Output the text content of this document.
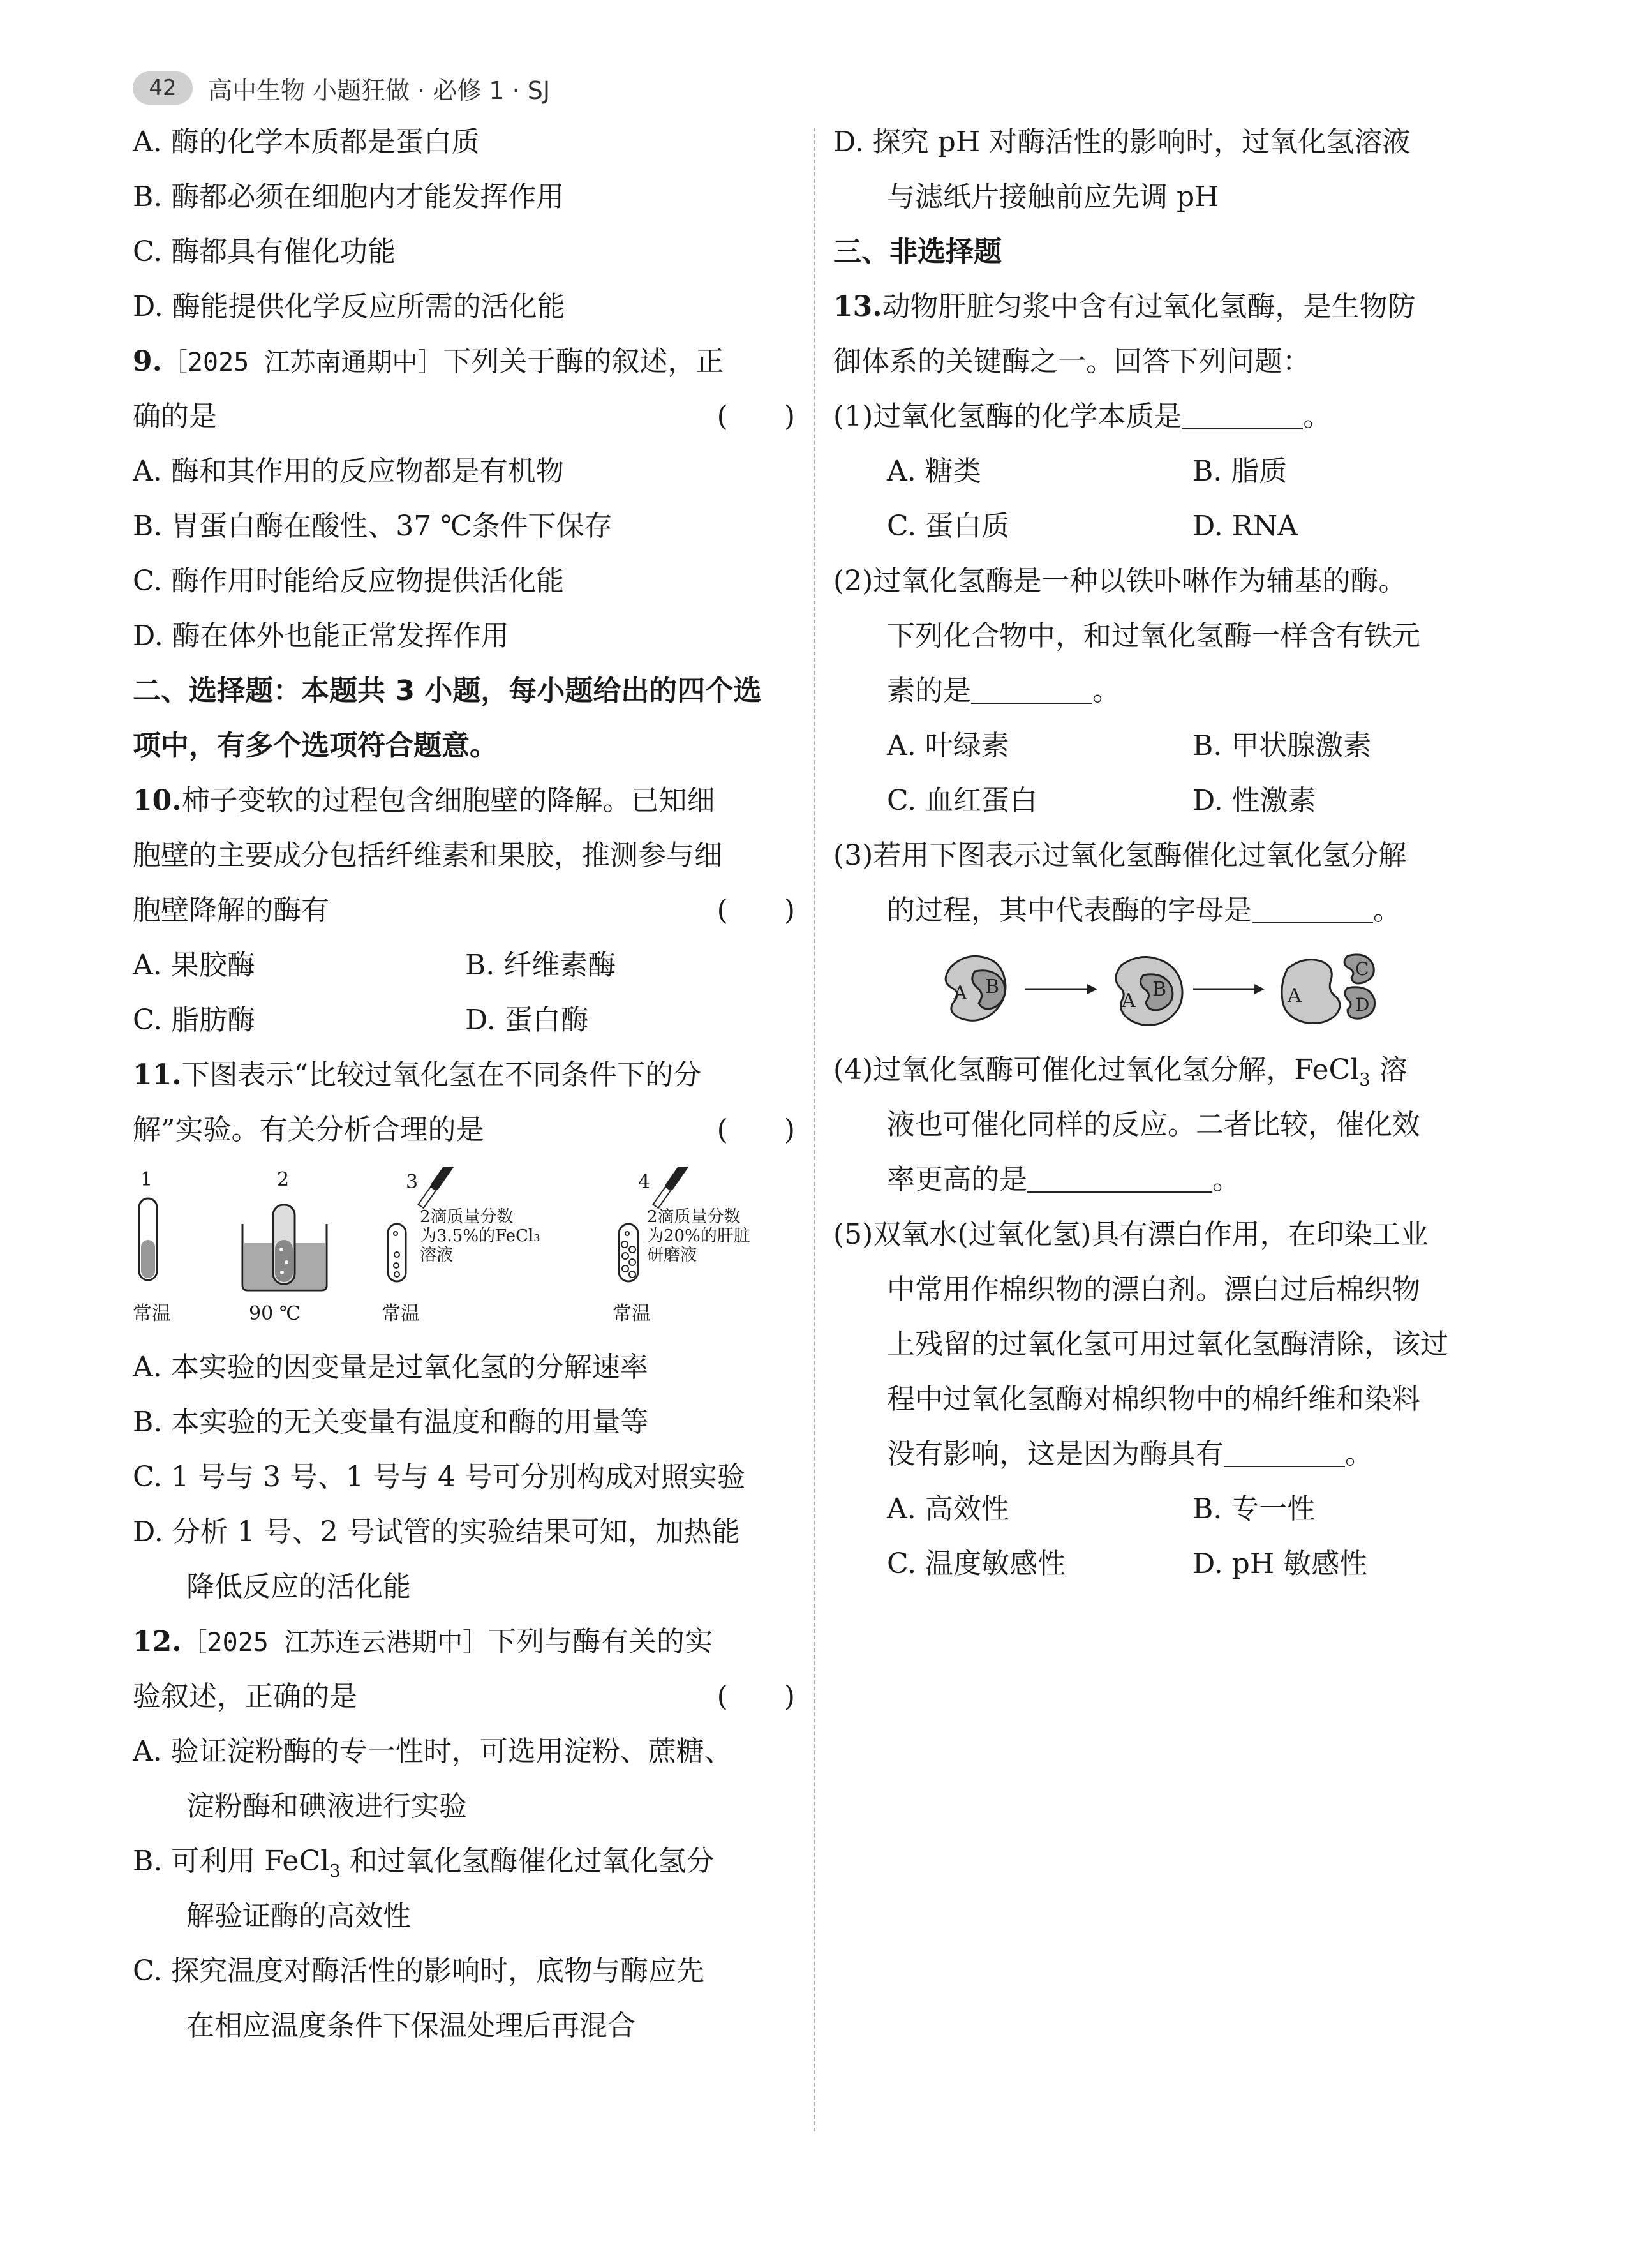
42	高中生物 小题狂做 · 必修 1 · SJ
A. 酶的化学本质都是蛋白质
B. 酶都必须在细胞内才能发挥作用
C. 酶都具有催化功能
D. 酶能提供化学反应所需的活化能
9.［2025 江苏南通期中］下列关于酶的叙述，正
确的是	(　　)
A. 酶和其作用的反应物都是有机物
B. 胃蛋白酶在酸性、37 ℃条件下保存
C. 酶作用时能给反应物提供活化能
D. 酶在体外也能正常发挥作用
二、选择题：本题共 3 小题，每小题给出的四个选
项中，有多个选项符合题意。
10.柿子变软的过程包含细胞壁的降解。已知细
胞壁的主要成分包括纤维素和果胶，推测参与细
胞壁降解的酶有	(　　)
A. 果胶酶	B. 纤维素酶
C. 脂肪酶	D. 蛋白酶
11.下图表示“比较过氧化氢在不同条件下的分
解”实验。有关分析合理的是	(　　)
1	2	3	4
2滴质量分数
为3.5%的FeCl₃
溶液
2滴质量分数
为20%的肝脏
研磨液
常温	90 ℃	常温	常温
A. 本实验的因变量是过氧化氢的分解速率
B. 本实验的无关变量有温度和酶的用量等
C. 1 号与 3 号、1 号与 4 号可分别构成对照实验
D. 分析 1 号、2 号试管的实验结果可知，加热能
降低反应的活化能
12.［2025 江苏连云港期中］下列与酶有关的实
验叙述，正确的是	(　　)
A. 验证淀粉酶的专一性时，可选用淀粉、蔗糖、
淀粉酶和碘液进行实验
B. 可利用 FeCl$_3$ 和过氧化氢酶催化过氧化氢分
解验证酶的高效性
C. 探究温度对酶活性的影响时，底物与酶应先
在相应温度条件下保温处理后再混合
D. 探究 pH 对酶活性的影响时，过氧化氢溶液
与滤纸片接触前应先调 pH
三、非选择题
13.动物肝脏匀浆中含有过氧化氢酶，是生物防
御体系的关键酶之一。回答下列问题：
(1)过氧化氢酶的化学本质是	。
A. 糖类	B. 脂质
C. 蛋白质	D. RNA
(2)过氧化氢酶是一种以铁卟啉作为辅基的酶。
下列化合物中，和过氧化氢酶一样含有铁元
素的是	。
A. 叶绿素	B. 甲状腺激素
C. 血红蛋白	D. 性激素
(3)若用下图表示过氧化氢酶催化过氧化氢分解
的过程，其中代表酶的字母是	。
A B
A
B	A
C
D
(4)过氧化氢酶可催化过氧化氢分解，FeCl$_3$ 溶
液也可催化同样的反应。二者比较，催化效
率更高的是	。
(5)双氧水(过氧化氢)具有漂白作用，在印染工业
中常用作棉织物的漂白剂。漂白过后棉织物
上残留的过氧化氢可用过氧化氢酶清除，该过
程中过氧化氢酶对棉织物中的棉纤维和染料
没有影响，这是因为酶具有	。
A. 高效性	B. 专一性
C. 温度敏感性	D. pH 敏感性
